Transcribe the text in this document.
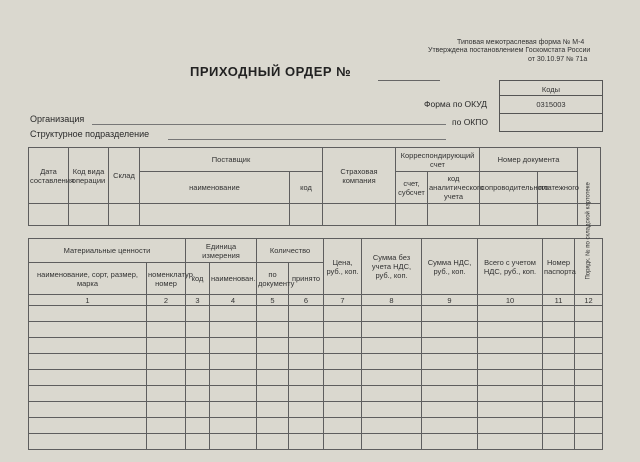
Типовая межотраслевая форма № М-4
Утверждена постановлением Госкомстата России
от 30.10.97 № 71а
ПРИХОДНЫЙ ОРДЕР №
Коды
0315003
Форма по ОКУД
по ОКПО
Организация
Структурное подразделение
Дата составления	Код вида операции	Склад	Поставщик		Страховая компания	Корреспондирующий счет		Номер документа		
			наименование	код		счет, субсчет	код аналитического учета	сопроводительного	платежного	

Материальные ценности		Единица измерения		Количество		Цена, руб., коп.	Сумма без учета НДС, руб., коп.	Сумма НДС, руб., коп.	Всего с учетом НДС, руб., коп.	Номер паспорта	Порядк. № по складской картотеке

наименование, сорт, размер, марка	номенклатур. номер	код	наименован.	по документу	принято						
1	2	3	4	5	6	7	8	9	10	11	12
